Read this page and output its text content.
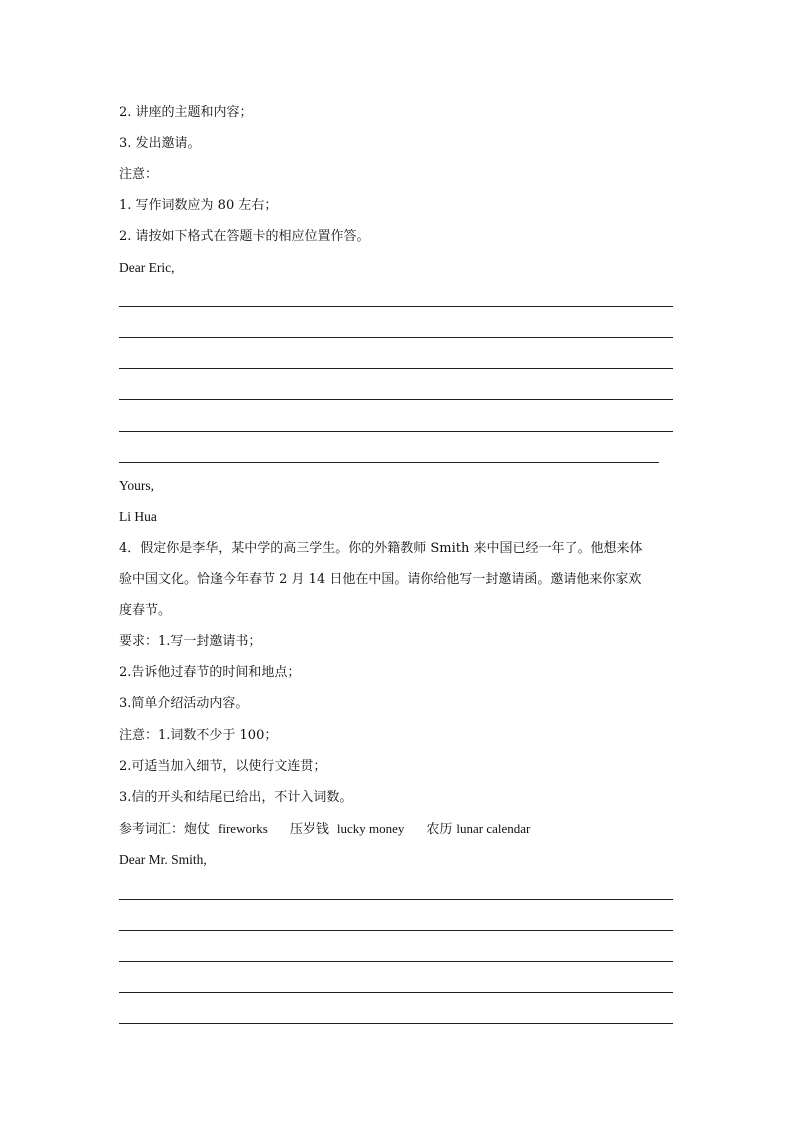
2. 讲座的主题和内容；
3. 发出邀请。
注意：
1. 写作词数应为 80 左右；
2. 请按如下格式在答题卡的相应位置作答。
Dear Eric,
Yours,
Li Hua
4．假定你是李华，某中学的高三学生。你的外籍教师 Smith 来中国已经一年了。他想来体
验中国文化。恰逢今年春节 2 月 14 日他在中国。请你给他写一封邀请函。邀请他来你家欢
度春节。
要求：1.写一封邀请书；
2.告诉他过春节的时间和地点；
3.简单介绍活动内容。
注意：1.词数不少于 100；
2.可适当加入细节，以使行文连贯；
3.信的开头和结尾已给出，不计入词数。
参考词汇：炮仗 fireworks 压岁钱 lucky money 农历 lunar calendar
Dear Mr. Smith,
